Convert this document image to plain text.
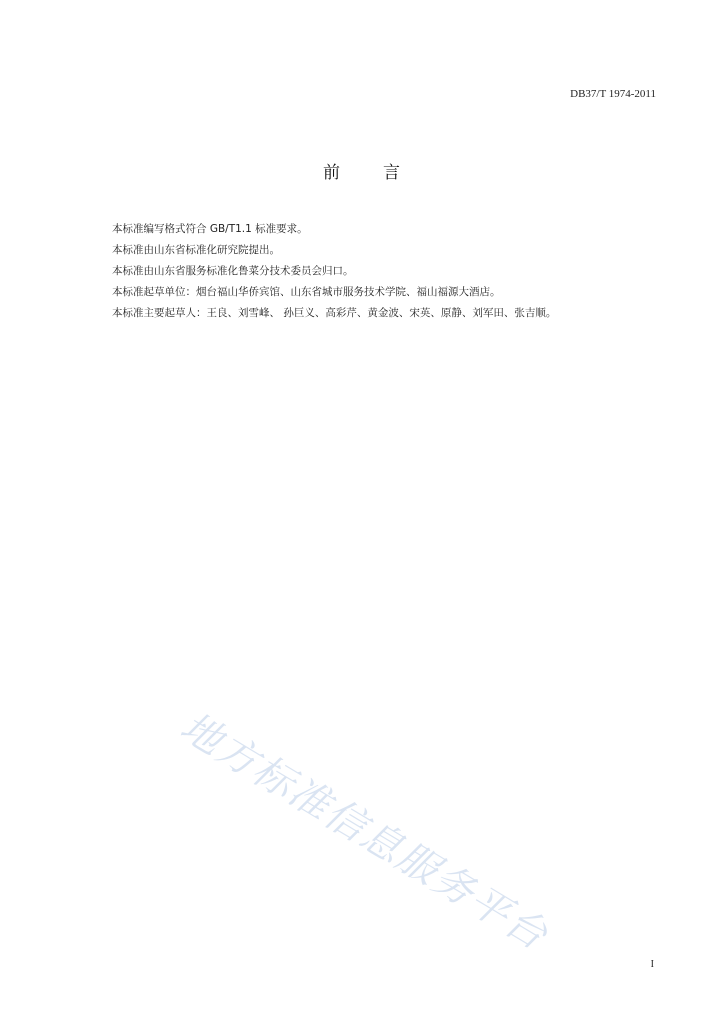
DB37/T 1974-2011
前 言
本标准编写格式符合 GB/T1.1 标准要求。
本标准由山东省标准化研究院提出。
本标准由山东省服务标准化鲁菜分技术委员会归口。
本标准起草单位：烟台福山华侨宾馆、山东省城市服务技术学院、福山福源大酒店。
本标准主要起草人：王良、刘雪峰、 孙巨义、高彩芹、黄金波、宋英、原静、刘军田、张吉顺。
地方标准信息服务平台
I
